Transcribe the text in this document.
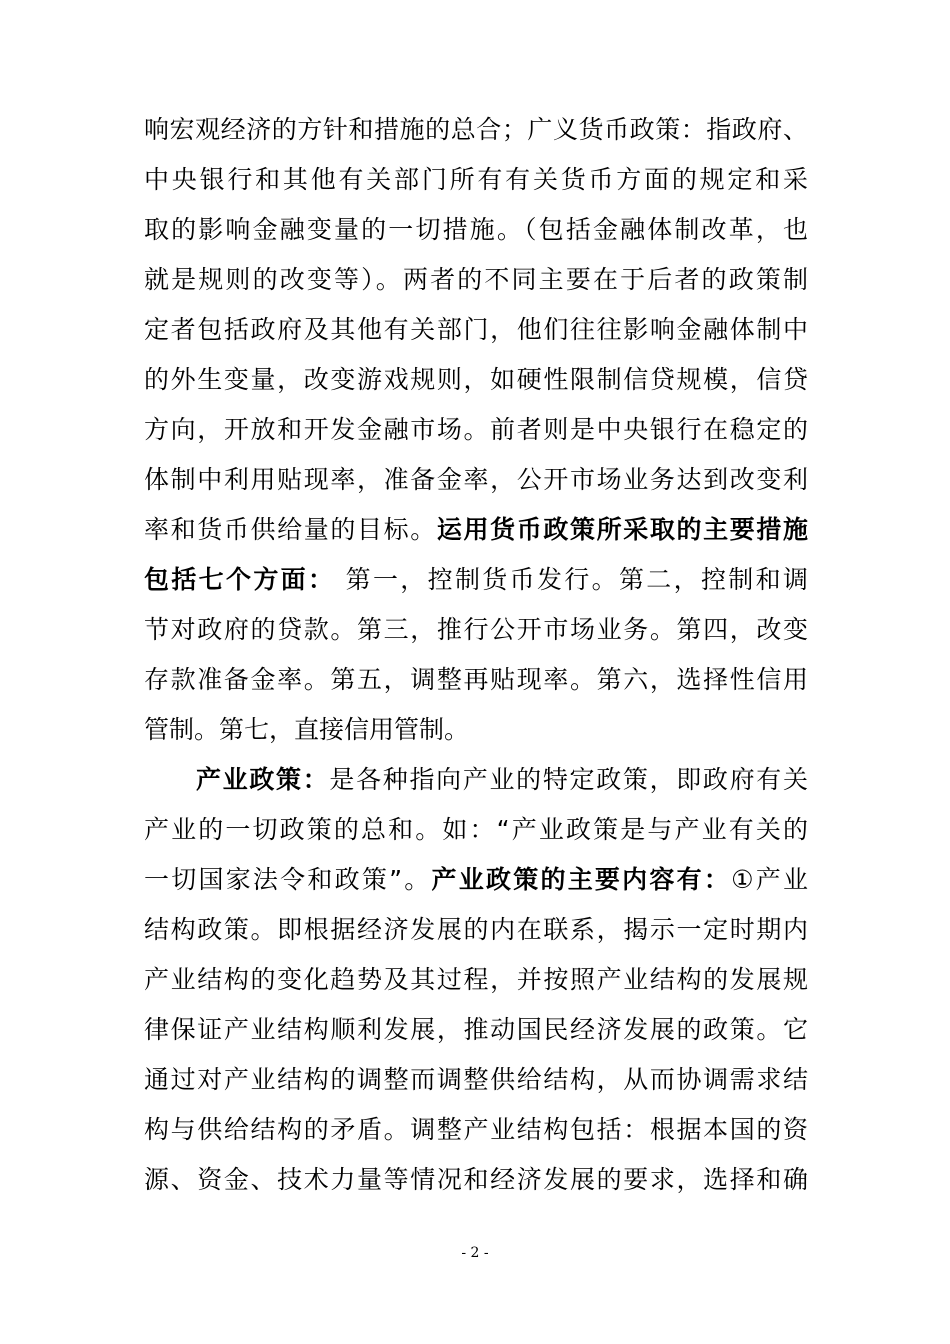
响宏观经济的方针和措施的总合；广义货币政策：指政府、
中央银行和其他有关部门所有有关货币方面的规定和采
取的影响金融变量的一切措施。（包括金融体制改革，也
就是规则的改变等）。两者的不同主要在于后者的政策制
定者包括政府及其他有关部门，他们往往影响金融体制中
的外生变量，改变游戏规则，如硬性限制信贷规模，信贷
方向，开放和开发金融市场。前者则是中央银行在稳定的
体制中利用贴现率，准备金率，公开市场业务达到改变利
率和货币供给量的目标。运用货币政策所采取的主要措施
包括七个方面： 第一，控制货币发行。第二，控制和调
节对政府的贷款。第三，推行公开市场业务。第四，改变
存款准备金率。第五，调整再贴现率。第六，选择性信用
管制。第七，直接信用管制。
产业政策：是各种指向产业的特定政策，即政府有关
产业的一切政策的总和。如：“产业政策是与产业有关的
一切国家法令和政策”。产业政策的主要内容有：①产业
结构政策。即根据经济发展的内在联系，揭示一定时期内
产业结构的变化趋势及其过程，并按照产业结构的发展规
律保证产业结构顺利发展，推动国民经济发展的政策。它
通过对产业结构的调整而调整供给结构，从而协调需求结
构与供给结构的矛盾。调整产业结构包括：根据本国的资
源、资金、技术力量等情况和经济发展的要求，选择和确
- 2 -
